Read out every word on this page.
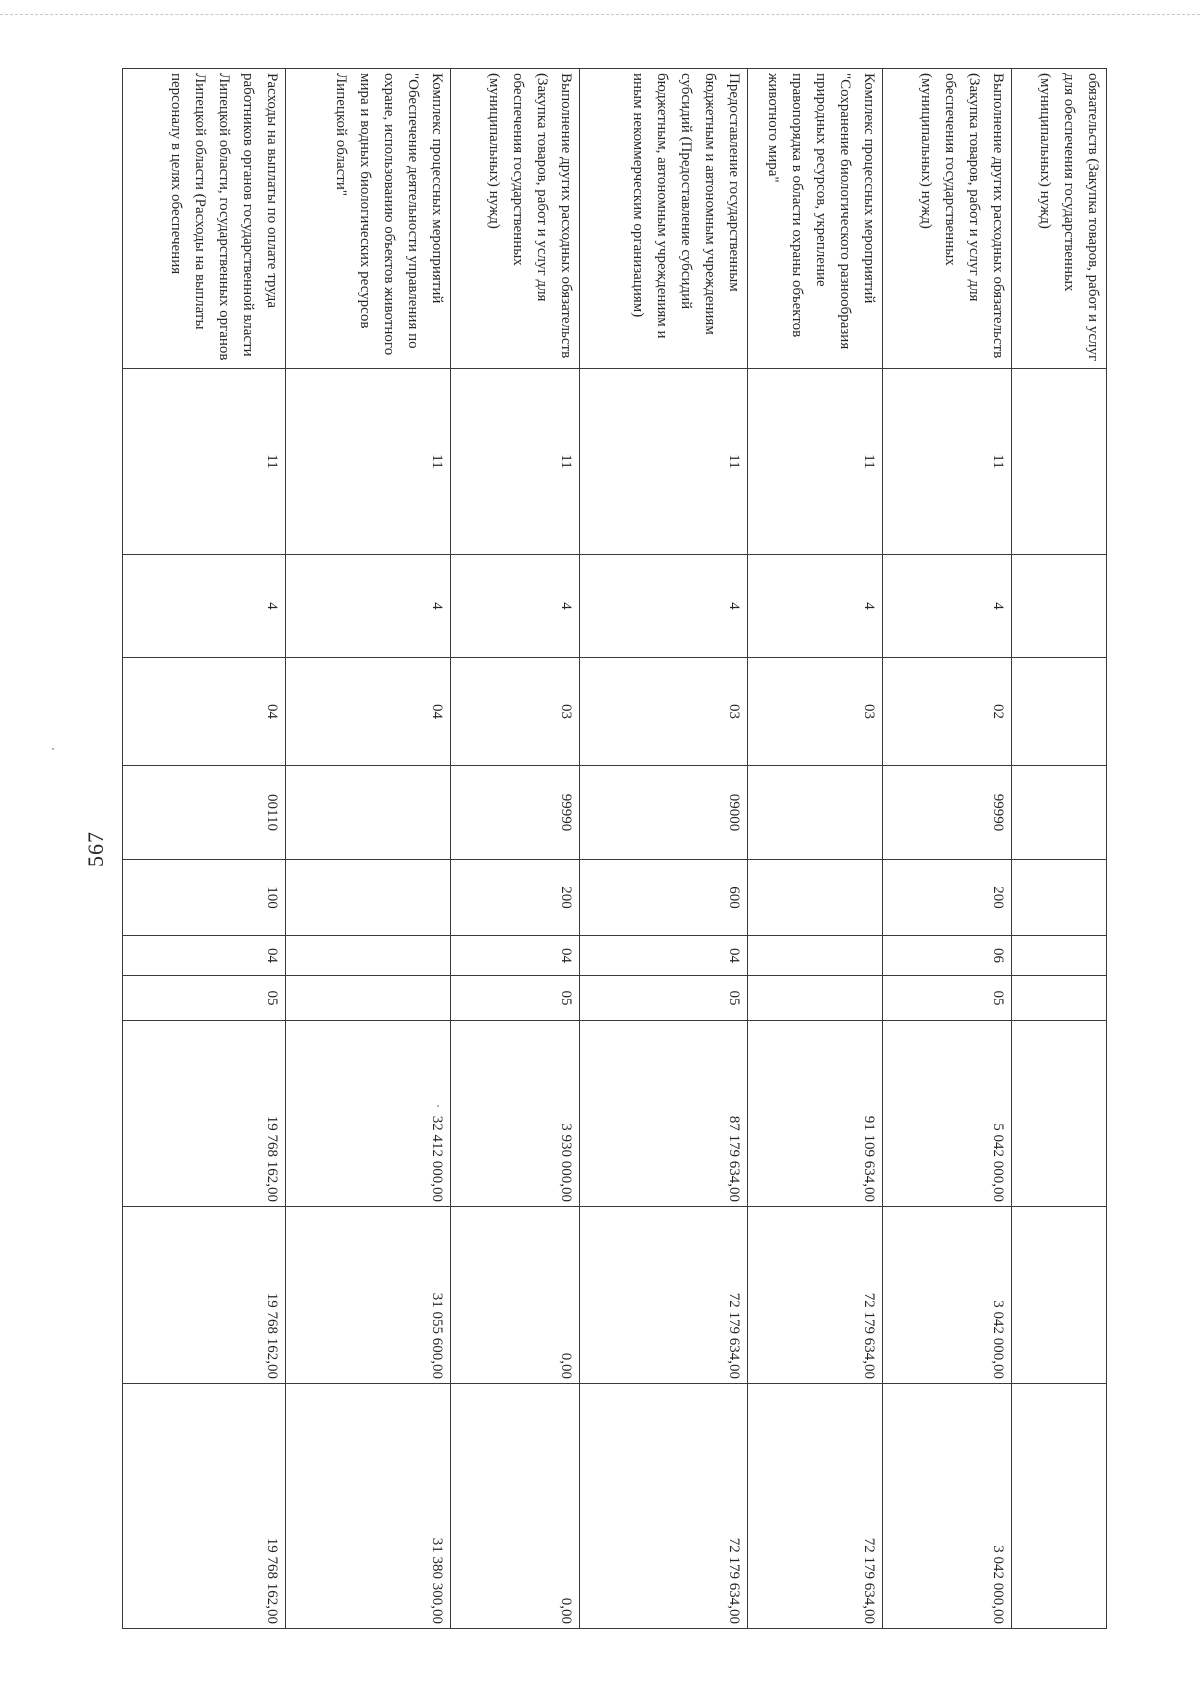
567
обязательств (Закупка товаров, работ и услуг для обеспечения государственных (муниципальных) нужд)										
Выполнение других расходных обязательств (Закупка товаров, работ и услуг для обеспечения государственных (муниципальных) нужд)	11	4	02	99990	200	06	05	5 042 000,00	3 042 000,00	3 042 000,00
Комплекс процессных мероприятий "Сохранение биологического разнообразия природных ресурсов, укрепление правопорядка в области охраны объектов животного мира"	11	4	03					91 109 634,00	72 179 634,00	72 179 634,00
Предоставление государственным бюджетным и автономным учреждениям субсидий (Предоставление субсидий бюджетным, автономным учреждениям и иным некоммерческим организациям)	11	4	03	09000	600	04	05	87 179 634,00	72 179 634,00	72 179 634,00
Выполнение других расходных обязательств (Закупка товаров, работ и услуг для обеспечения государственных (муниципальных) нужд)	11	4	03	99990	200	04	05	3 930 000,00	0,00	0,00
Комплекс процессных мероприятий "Обеспечение деятельности управления по охране, использованию объектов животного мира и водных биологических ресурсов Липецкой области"	11	4	04					32 412 000,00	31 055 600,00	31 380 300,00
Расходы на выплаты по оплате труда работников органов государственной власти Липецкой области, государственных органов Липецкой области (Расходы на выплаты персоналу в целях обеспечения	11	4	04	00110	100	04	05	19 768 162,00	19 768 162,00	19 768 162,00
